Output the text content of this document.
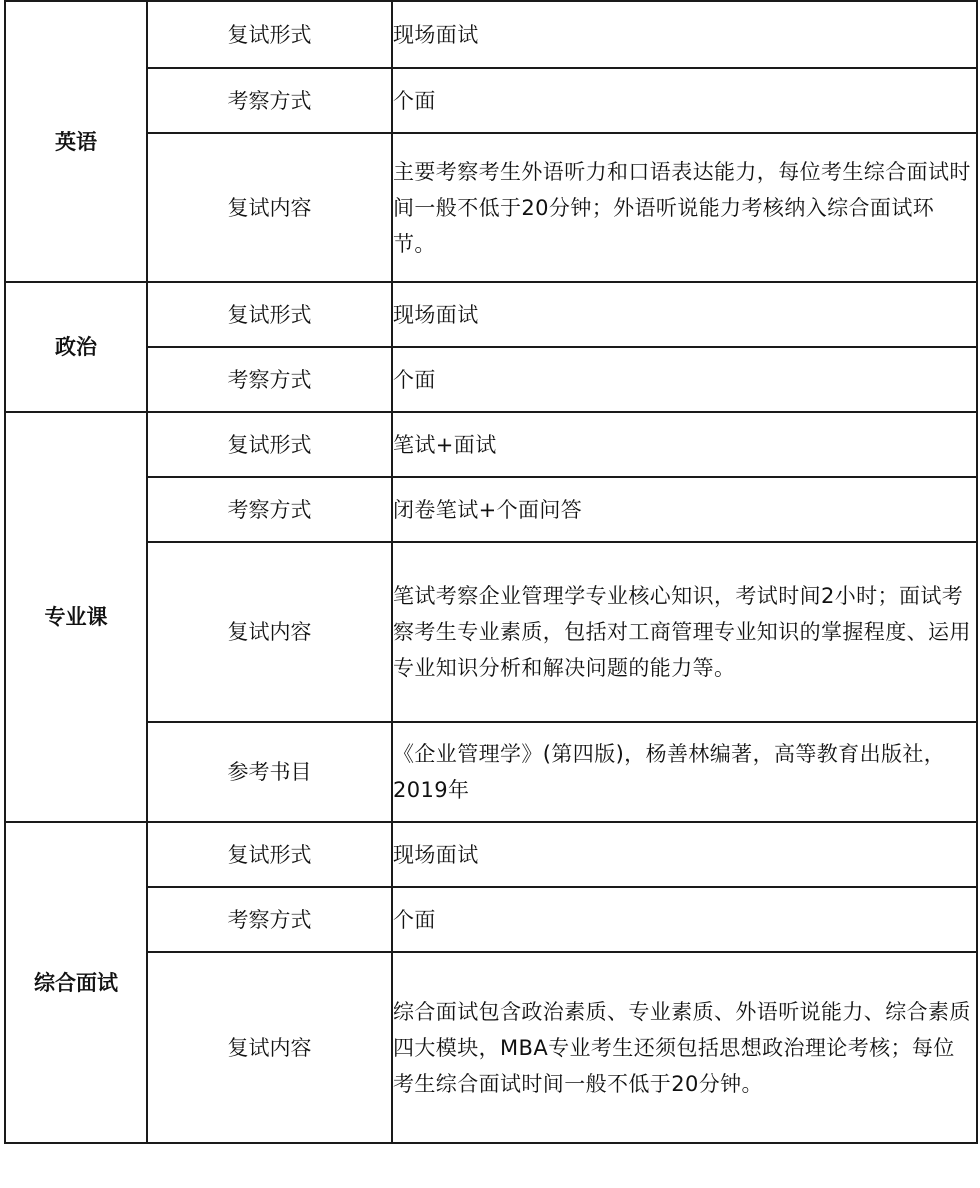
英语	复试形式	现场面试
	考察方式	个面
	复试内容	主要考察考生外语听力和口语表达能力，每位考生综合面试时间一般不低于20分钟；外语听说能力考核纳入综合面试环节。
政治	复试形式	现场面试
	考察方式	个面
专业课	复试形式	笔试+面试
	考察方式	闭卷笔试+个面问答
	复试内容	笔试考察企业管理学专业核心知识，考试时间2小时；面试考察考生专业素质，包括对工商管理专业知识的掌握程度、运用专业知识分析和解决问题的能力等。
	参考书目	《企业管理学》(第四版)，杨善林编著，高等教育出版社，2019年
综合面试	复试形式	现场面试
	考察方式	个面
	复试内容	综合面试包含政治素质、专业素质、外语听说能力、综合素质四大模块，MBA专业考生还须包括思想政治理论考核；每位考生综合面试时间一般不低于20分钟。
